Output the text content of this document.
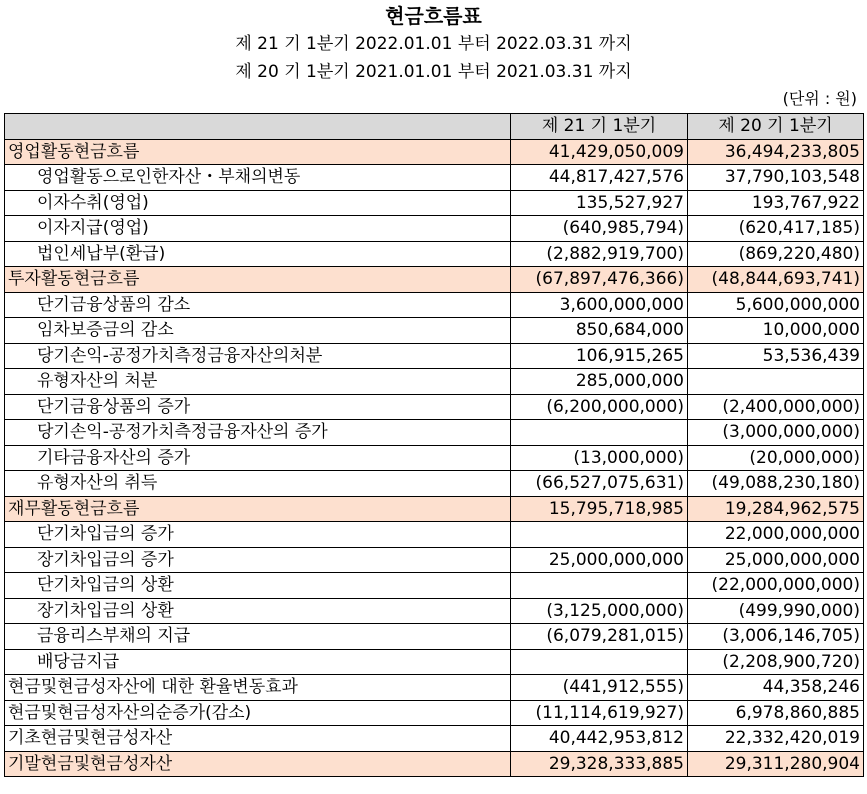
현금흐름표
제 21 기 1분기 2022.01.01 부터 2022.03.31 까지
제 20 기 1분기 2021.01.01 부터 2021.03.31 까지
(단위 : 원)
	제 21 기 1분기	제 20 기 1분기
영업활동현금흐름	41,429,050,009	36,494,233,805
영업활동으로인한자산・부채의변동	44,817,427,576	37,790,103,548
이자수취(영업)	135,527,927	193,767,922
이자지급(영업)	(640,985,794)	(620,417,185)
법인세납부(환급)	(2,882,919,700)	(869,220,480)
투자활동현금흐름	(67,897,476,366)	(48,844,693,741)
단기금융상품의 감소	3,600,000,000	5,600,000,000
임차보증금의 감소	850,684,000	10,000,000
당기손익-공정가치측정금융자산의처분	106,915,265	53,536,439
유형자산의 처분	285,000,000	
단기금융상품의 증가	(6,200,000,000)	(2,400,000,000)
당기손익-공정가치측정금융자산의 증가		(3,000,000,000)
기타금융자산의 증가	(13,000,000)	(20,000,000)
유형자산의 취득	(66,527,075,631)	(49,088,230,180)
재무활동현금흐름	15,795,718,985	19,284,962,575
단기차입금의 증가		22,000,000,000
장기차입금의 증가	25,000,000,000	25,000,000,000
단기차입금의 상환		(22,000,000,000)
장기차입금의 상환	(3,125,000,000)	(499,990,000)
금융리스부채의 지급	(6,079,281,015)	(3,006,146,705)
배당금지급		(2,208,900,720)
현금및현금성자산에 대한 환율변동효과	(441,912,555)	44,358,246
현금및현금성자산의순증가(감소)	(11,114,619,927)	6,978,860,885
기초현금및현금성자산	40,442,953,812	22,332,420,019
기말현금및현금성자산	29,328,333,885	29,311,280,904
